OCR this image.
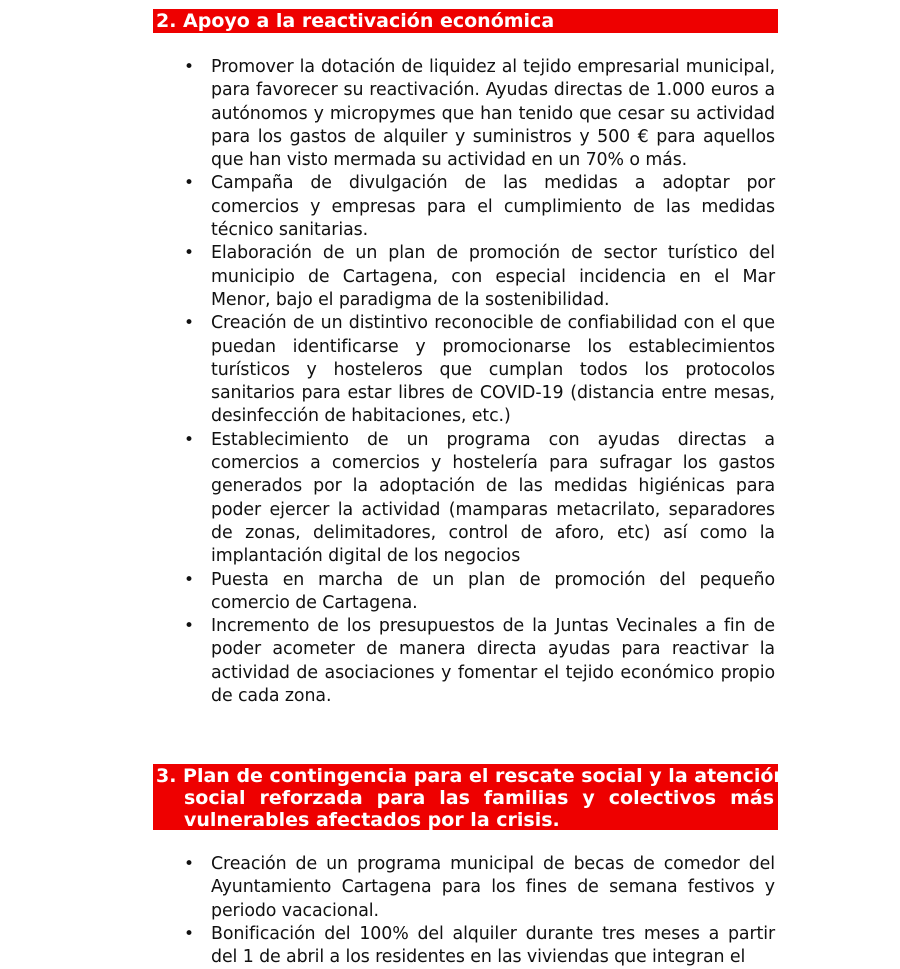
2. Apoyo a la reactivación económica
• Promover la dotación de liquidez al tejido empresarial municipal, para favorecer su reactivación. Ayudas directas de 1.000 euros a autónomos y micropymes que han tenido que cesar su actividad para los gastos de alquiler y suministros y 500 € para aquellos que han visto mermada su actividad en un 70% o más.
• Campaña de divulgación de las medidas a adoptar por comercios y empresas para el cumplimiento de las medidas técnico sanitarias.
• Elaboración de un plan de promoción de sector turístico del municipio de Cartagena, con especial incidencia en el Mar Menor, bajo el paradigma de la sostenibilidad.
• Creación de un distintivo reconocible de confiabilidad con el que puedan identificarse y promocionarse los establecimientos turísticos y hosteleros que cumplan todos los protocolos sanitarios para estar libres de COVID-19 (distancia entre mesas, desinfección de habitaciones, etc.)
• Establecimiento de un programa con ayudas directas a comercios a comercios y hostelería para sufragar los gastos generados por la adoptación de las medidas higiénicas para poder ejercer la actividad (mamparas metacrilato, separadores de zonas, delimitadores, control de aforo, etc) así como la implantación digital de los negocios
• Puesta en marcha de un plan de promoción del pequeño comercio de Cartagena.
• Incremento de los presupuestos de la Juntas Vecinales a fin de poder acometer de manera directa ayudas para reactivar la actividad de asociaciones y fomentar el tejido económico propio de cada zona.
3. Plan de contingencia para el rescate social y la atención
social reforzada para las familias y colectivos más
vulnerables afectados por la crisis.
• Creación de un programa municipal de becas de comedor del Ayuntamiento Cartagena para los fines de semana festivos y periodo vacacional.
• Bonificación del 100% del alquiler durante tres meses a partir del 1 de abril a los residentes en las viviendas que integran el
